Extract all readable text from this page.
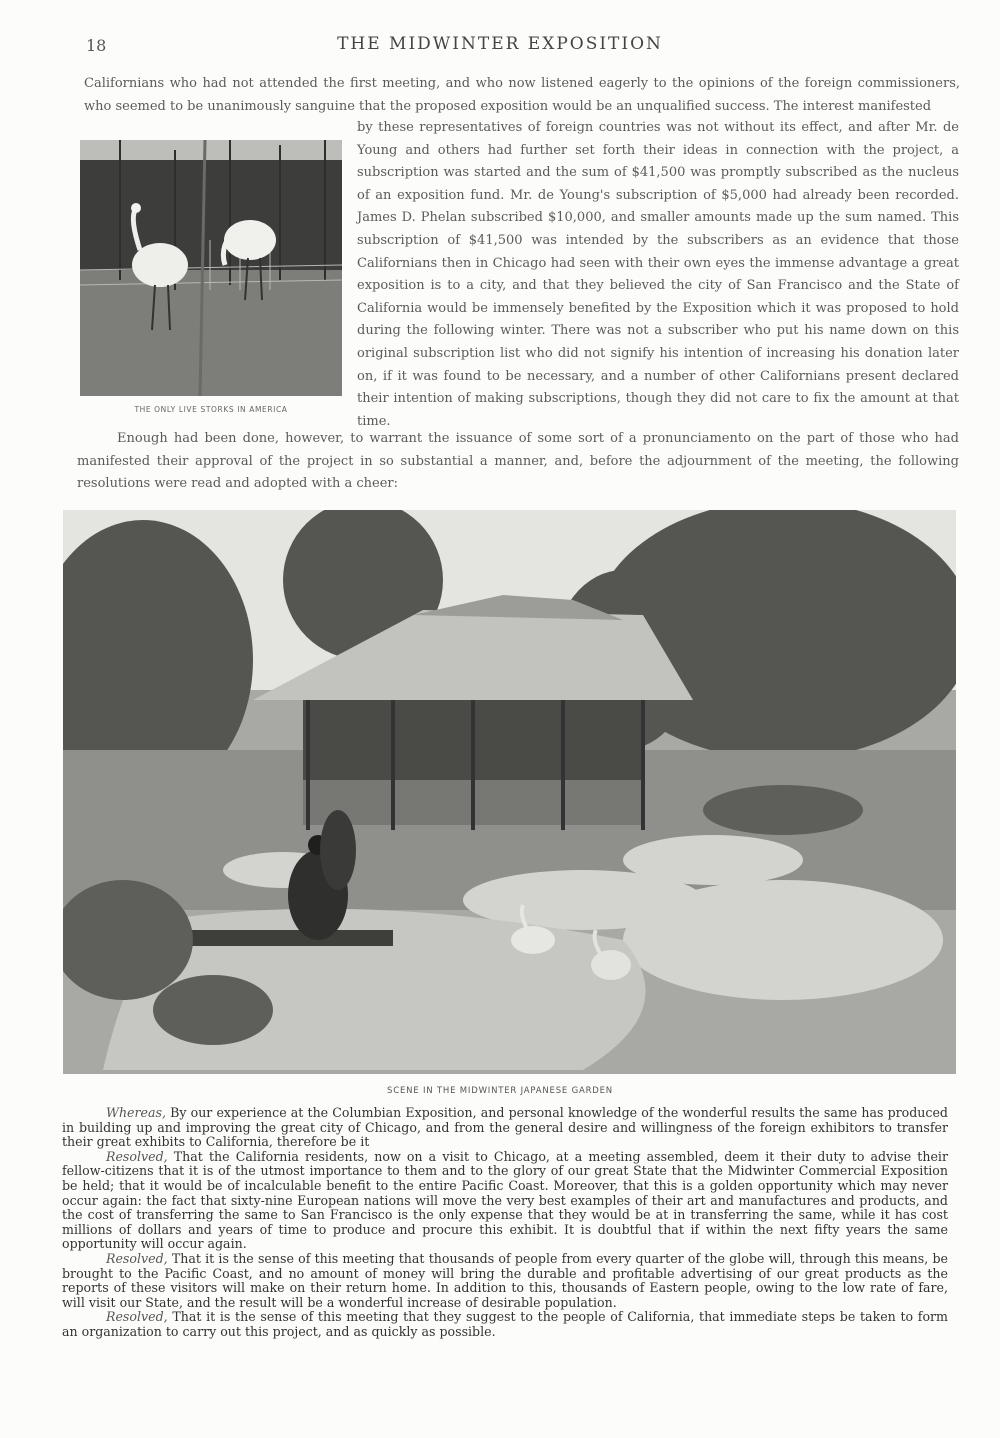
18	THE MIDWINTER EXPOSITION

Californians who had not attended the first meeting, and who now listened eagerly to the opinions of the foreign commissioners, who seemed to be unanimously sanguine that the proposed exposition would be an unqualified success. The interest manifested

THE ONLY LIVE STORKS IN AMERICA

by these representatives of foreign countries was not without its effect, and after Mr. de Young and others had further set forth their ideas in connection with the project, a subscription was started and the sum of $41,500 was promptly subscribed as the nucleus of an exposition fund. Mr. de Young's subscription of $5,000 had already been recorded. James D. Phelan subscribed $10,000, and smaller amounts made up the sum named. This subscription of $41,500 was intended by the subscribers as an evidence that those Californians then in Chicago had seen with their own eyes the immense advantage a great exposition is to a city, and that they believed the city of San Francisco and the State of California would be immensely benefited by the Exposition which it was proposed to hold during the following winter. There was not a subscriber who put his name down on this original subscription list who did not signify his intention of increasing his donation later on, if it was found to be necessary, and a number of other Californians present declared their intention of making subscriptions, though they did not care to fix the amount at that time.

Enough had been done, however, to warrant the issuance of some sort of a pronunciamento on the part of those who had manifested their approval of the project in so substantial a manner, and, before the adjournment of the meeting, the following resolutions were read and adopted with a cheer:

SCENE IN THE MIDWINTER JAPANESE GARDEN

Whereas, By our experience at the Columbian Exposition, and personal knowledge of the wonderful results the same has produced in building up and improving the great city of Chicago, and from the general desire and willingness of the foreign exhibitors to transfer their great exhibits to California, therefore be it

Resolved, That the California residents, now on a visit to Chicago, at a meeting assembled, deem it their duty to advise their fellow-citizens that it is of the utmost importance to them and to the glory of our great State that the Midwinter Commercial Exposition be held; that it would be of incalculable benefit to the entire Pacific Coast. Moreover, that this is a golden opportunity which may never occur again: the fact that sixty-nine European nations will move the very best examples of their art and manufactures and products, and the cost of transferring the same to San Francisco is the only expense that they would be at in transferring the same, while it has cost millions of dollars and years of time to produce and procure this exhibit. It is doubtful that if within the next fifty years the same opportunity will occur again.

Resolved, That it is the sense of this meeting that thousands of people from every quarter of the globe will, through this means, be brought to the Pacific Coast, and no amount of money will bring the durable and profitable advertising of our great products as the reports of these visitors will make on their return home. In addition to this, thousands of Eastern people, owing to the low rate of fare, will visit our State, and the result will be a wonderful increase of desirable population.

Resolved, That it is the sense of this meeting that they suggest to the people of California, that immediate steps be taken to form an organization to carry out this project, and as quickly as possible.
